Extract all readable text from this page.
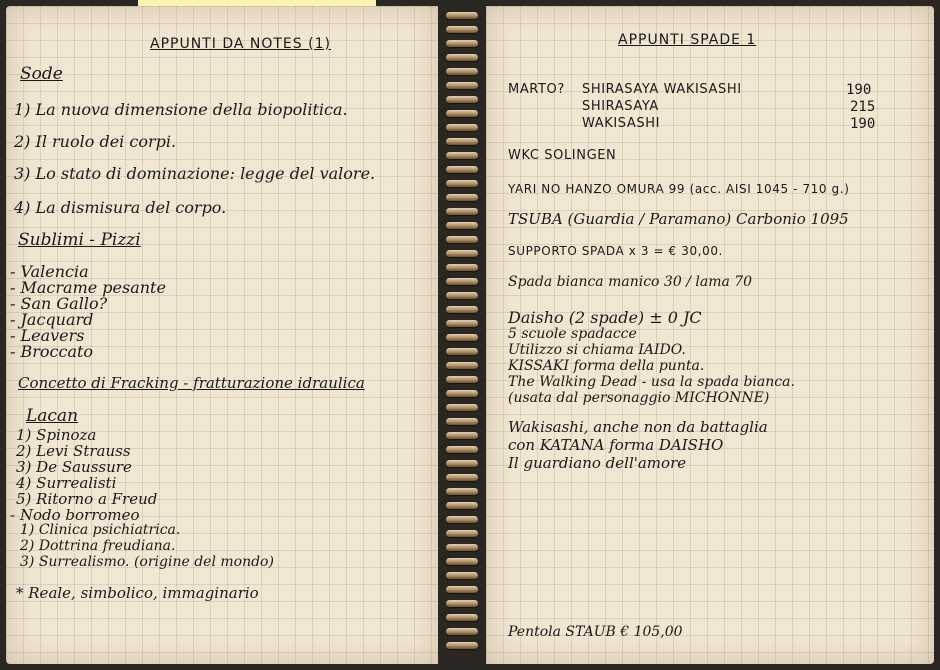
APPUNTI DA NOTES (1)
Sode
1) La nuova dimensione della biopolitica.
2) Il ruolo dei corpi.
3) Lo stato di dominazione: legge del valore.
4) La dismisura del corpo.
Sublimi - Pizzi
- Valencia
- Macrame pesante
- San Gallo?
- Jacquard
- Leavers
- Broccato
Concetto di Fracking - fratturazione idraulica
Lacan
1) Spinoza
2) Levi Strauss
3) De Saussure
4) Surrealisti
5) Ritorno a Freud
- Nodo borromeo
1) Clinica psichiatrica.
2) Dottrina freudiana.
3) Surrealismo. (origine del mondo)
* Reale, simbolico, immaginario
APPUNTI SPADE 1
MARTO? SHIRASAYA WAKISASHI	190
SHIRASAYA	215
WAKISASHI	190
WKC SOLINGEN
YARI NO HANZO OMURA 99 (acc. AISI 1045 - 710 g.)
TSUBA (Guardia / Paramano) Carbonio 1095
SUPPORTO SPADA x 3 = € 30,00.
Spada bianca manico 30 / lama 70
Daisho (2 spade) ± 0 JC
5 scuole spadacce
Utilizzo si chiama IAIDO.
KISSAKI forma della punta.
The Walking Dead - usa la spada bianca.
(usata dal personaggio MICHONNE)
Wakisashi, anche non da battaglia
con KATANA forma DAISHO
Il guardiano dell'amore
Pentola STAUB € 105,00
